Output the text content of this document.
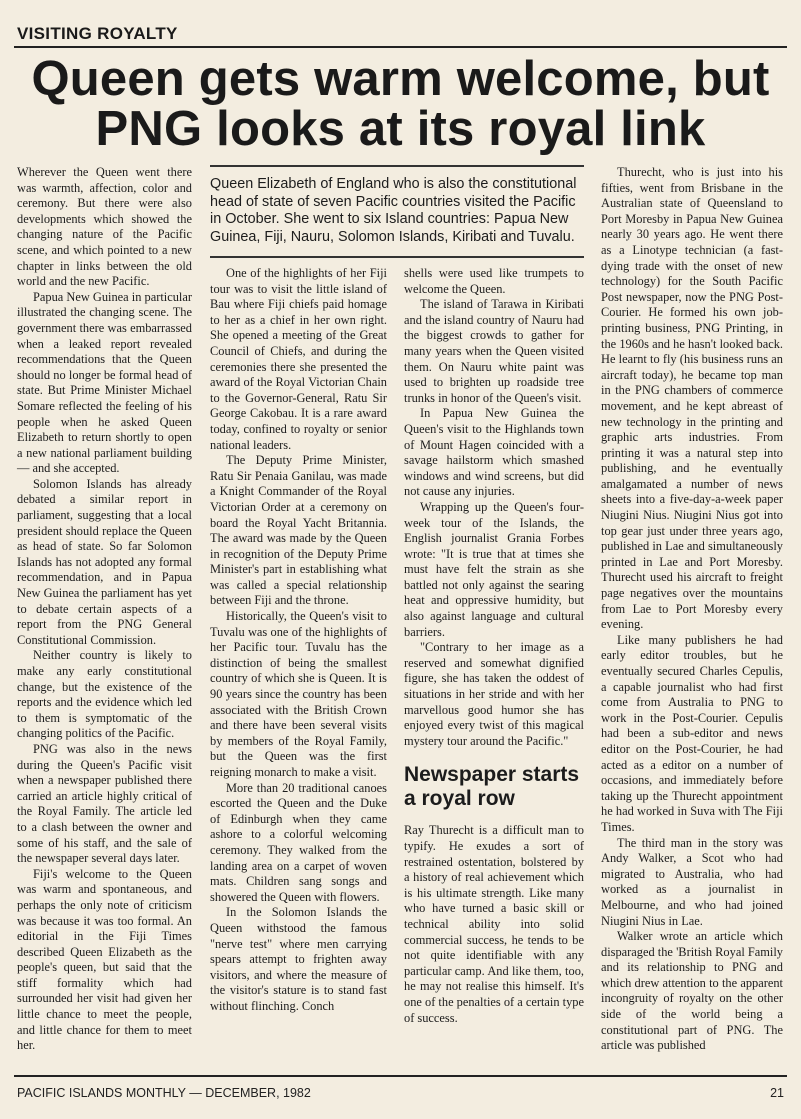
VISITING ROYALTY
Queen gets warm welcome, but PNG looks at its royal link

Wherever the Queen went there was warmth, affection, color and ceremony. But there were also developments which showed the changing nature of the Pacific scene, and which pointed to a new chapter in links between the old world and the new Pacific.

Papua New Guinea in particular illustrated the changing scene. The government there was embarrassed when a leaked report revealed recommendations that the Queen should no longer be formal head of state. But Prime Minister Michael Somare reflected the feeling of his people when he asked Queen Elizabeth to return shortly to open a new national parliament building — and she accepted.

Solomon Islands has already debated a similar report in parliament, suggesting that a local president should replace the Queen as head of state. So far Solomon Islands has not adopted any formal recommendation, and in Papua New Guinea the parliament has yet to debate certain aspects of a report from the PNG General Constitutional Commission.

Neither country is likely to make any early constitutional change, but the existence of the reports and the evidence which led to them is symptomatic of the changing politics of the Pacific.

PNG was also in the news during the Queen's Pacific visit when a newspaper published there carried an article highly critical of the Royal Family. The article led to a clash between the owner and some of his staff, and the sale of the newspaper several days later.

Fiji's welcome to the Queen was warm and spontaneous, and perhaps the only note of criticism was because it was too formal. An editorial in the Fiji Times described Queen Elizabeth as the people's queen, but said that the stiff formality which had surrounded her visit had given her little chance to meet the people, and little chance for them to meet her.

Queen Elizabeth of England who is also the constitutional head of state of seven Pacific countries visited the Pacific in October. She went to six Island countries: Papua New Guinea, Fiji, Nauru, Solomon Islands, Kiribati and Tuvalu.

One of the highlights of her Fiji tour was to visit the little island of Bau where Fiji chiefs paid homage to her as a chief in her own right. She opened a meeting of the Great Council of Chiefs, and during the ceremonies there she presented the award of the Royal Victorian Chain to the Governor-General, Ratu Sir George Cakobau. It is a rare award today, confined to royalty or senior national leaders.

The Deputy Prime Minister, Ratu Sir Penaia Ganilau, was made a Knight Commander of the Royal Victorian Order at a ceremony on board the Royal Yacht Britannia. The award was made by the Queen in recognition of the Deputy Prime Minister's part in establishing what was called a special relationship between Fiji and the throne.

Historically, the Queen's visit to Tuvalu was one of the highlights of her Pacific tour. Tuvalu has the distinction of being the smallest country of which she is Queen. It is 90 years since the country has been associated with the British Crown and there have been several visits by members of the Royal Family, but the Queen was the first reigning monarch to make a visit.

More than 20 traditional canoes escorted the Queen and the Duke of Edinburgh when they came ashore to a colorful welcoming ceremony. They walked from the landing area on a carpet of woven mats. Children sang songs and showered the Queen with flowers.

In the Solomon Islands the Queen withstood the famous "nerve test" where men carrying spears attempt to frighten away visitors, and where the measure of the visitor's stature is to stand fast without flinching. Conch

shells were used like trumpets to welcome the Queen.

The island of Tarawa in Kiribati and the island country of Nauru had the biggest crowds to gather for many years when the Queen visited them. On Nauru white paint was used to brighten up roadside tree trunks in honor of the Queen's visit.

In Papua New Guinea the Queen's visit to the Highlands town of Mount Hagen coincided with a savage hailstorm which smashed windows and wind screens, but did not cause any injuries.

Wrapping up the Queen's four-week tour of the Islands, the English journalist Grania Forbes wrote: "It is true that at times she must have felt the strain as she battled not only against the searing heat and oppressive humidity, but also against language and cultural barriers.

"Contrary to her image as a reserved and somewhat dignified figure, she has taken the oddest of situations in her stride and with her marvellous good humor she has enjoyed every twist of this magical mystery tour around the Pacific."

Newspaper starts a royal row

Ray Thurecht is a difficult man to typify. He exudes a sort of restrained ostentation, bolstered by a history of real achievement which is his ultimate strength. Like many who have turned a basic skill or technical ability into solid commercial success, he tends to be not quite identifiable with any particular camp. And like them, too, he may not realise this himself. It's one of the penalties of a certain type of success.

Thurecht, who is just into his fifties, went from Brisbane in the Australian state of Queensland to Port Moresby in Papua New Guinea nearly 30 years ago. He went there as a Linotype technician (a fast-dying trade with the onset of new technology) for the South Pacific Post newspaper, now the PNG Post-Courier. He formed his own job-printing business, PNG Printing, in the 1960s and he hasn't looked back. He learnt to fly (his business runs an aircraft today), he became top man in the PNG chambers of commerce movement, and he kept abreast of new technology in the printing and graphic arts industries. From printing it was a natural step into publishing, and he eventually amalgamated a number of news sheets into a five-day-a-week paper Niugini Nius. Niugini Nius got into top gear just under three years ago, published in Lae and simultaneously printed in Lae and Port Moresby. Thurecht used his aircraft to freight page negatives over the mountains from Lae to Port Moresby every evening.

Like many publishers he had early editor troubles, but he eventually secured Charles Cepulis, a capable journalist who had first come from Australia to PNG to work in the Post-Courier. Cepulis had been a sub-editor and news editor on the Post-Courier, he had acted as a editor on a number of occasions, and immediately before taking up the Thurecht appointment he had worked in Suva with The Fiji Times.

The third man in the story was Andy Walker, a Scot who had migrated to Australia, who had worked as a journalist in Melbourne, and who had joined Niugini Nius in Lae.

Walker wrote an article which disparaged the 'British Royal Family and its relationship to PNG and which drew attention to the apparent incongruity of royalty on the other side of the world being a constitutional part of PNG. The article was published

PACIFIC ISLANDS MONTHLY — DECEMBER, 1982	21
